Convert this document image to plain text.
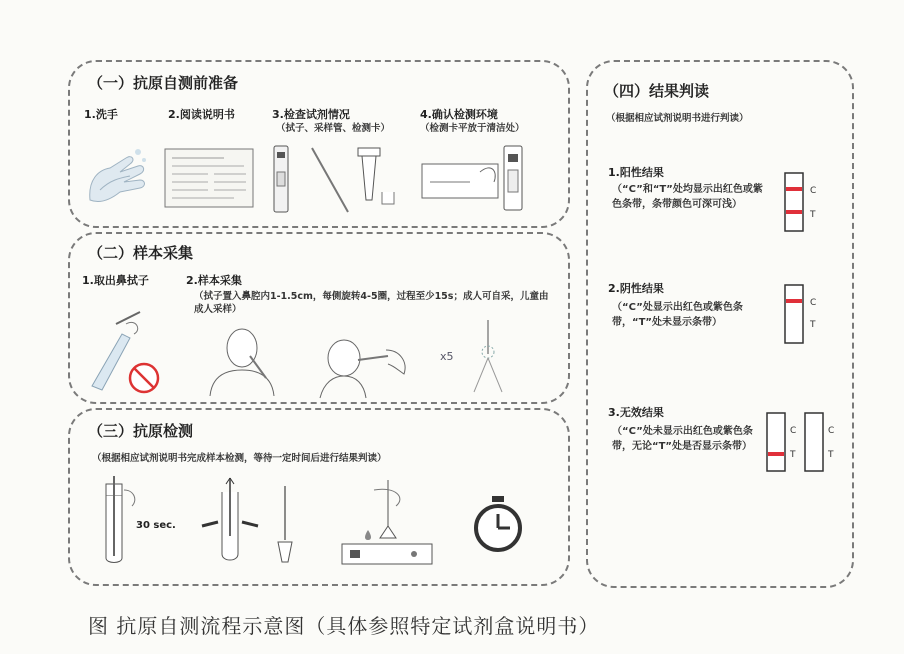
（一）抗原自测前准备
1.洗手	2.阅读说明书	3.检查试剂情况
（拭子、采样管、检测卡）
4.确认检测环境
（检测卡平放于清洁处）
（二）样本采集
1.取出鼻拭子	2.样本采集
（拭子置入鼻腔内1-1.5cm，每侧旋转4-5圈，过程至少15s；成人可自采，儿童由成人采样）
x5
（三）抗原检测
（根据相应试剂说明书完成样本检测，等待一定时间后进行结果判读）
30 sec.
（四）结果判读
（根据相应试剂说明书进行判读）
1.阳性结果
（“C”和“T”处均显示出红色或紫色条带，条带颜色可深可浅）
C
T
2.阴性结果
（“C”处显示出红色或紫色条带，“T”处未显示条带）
C
T
3.无效结果
（“C”处未显示出红色或紫色条带，无论“T”处是否显示条带）
C
T
C
T
图 抗原自测流程示意图（具体参照特定试剂盒说明书）
